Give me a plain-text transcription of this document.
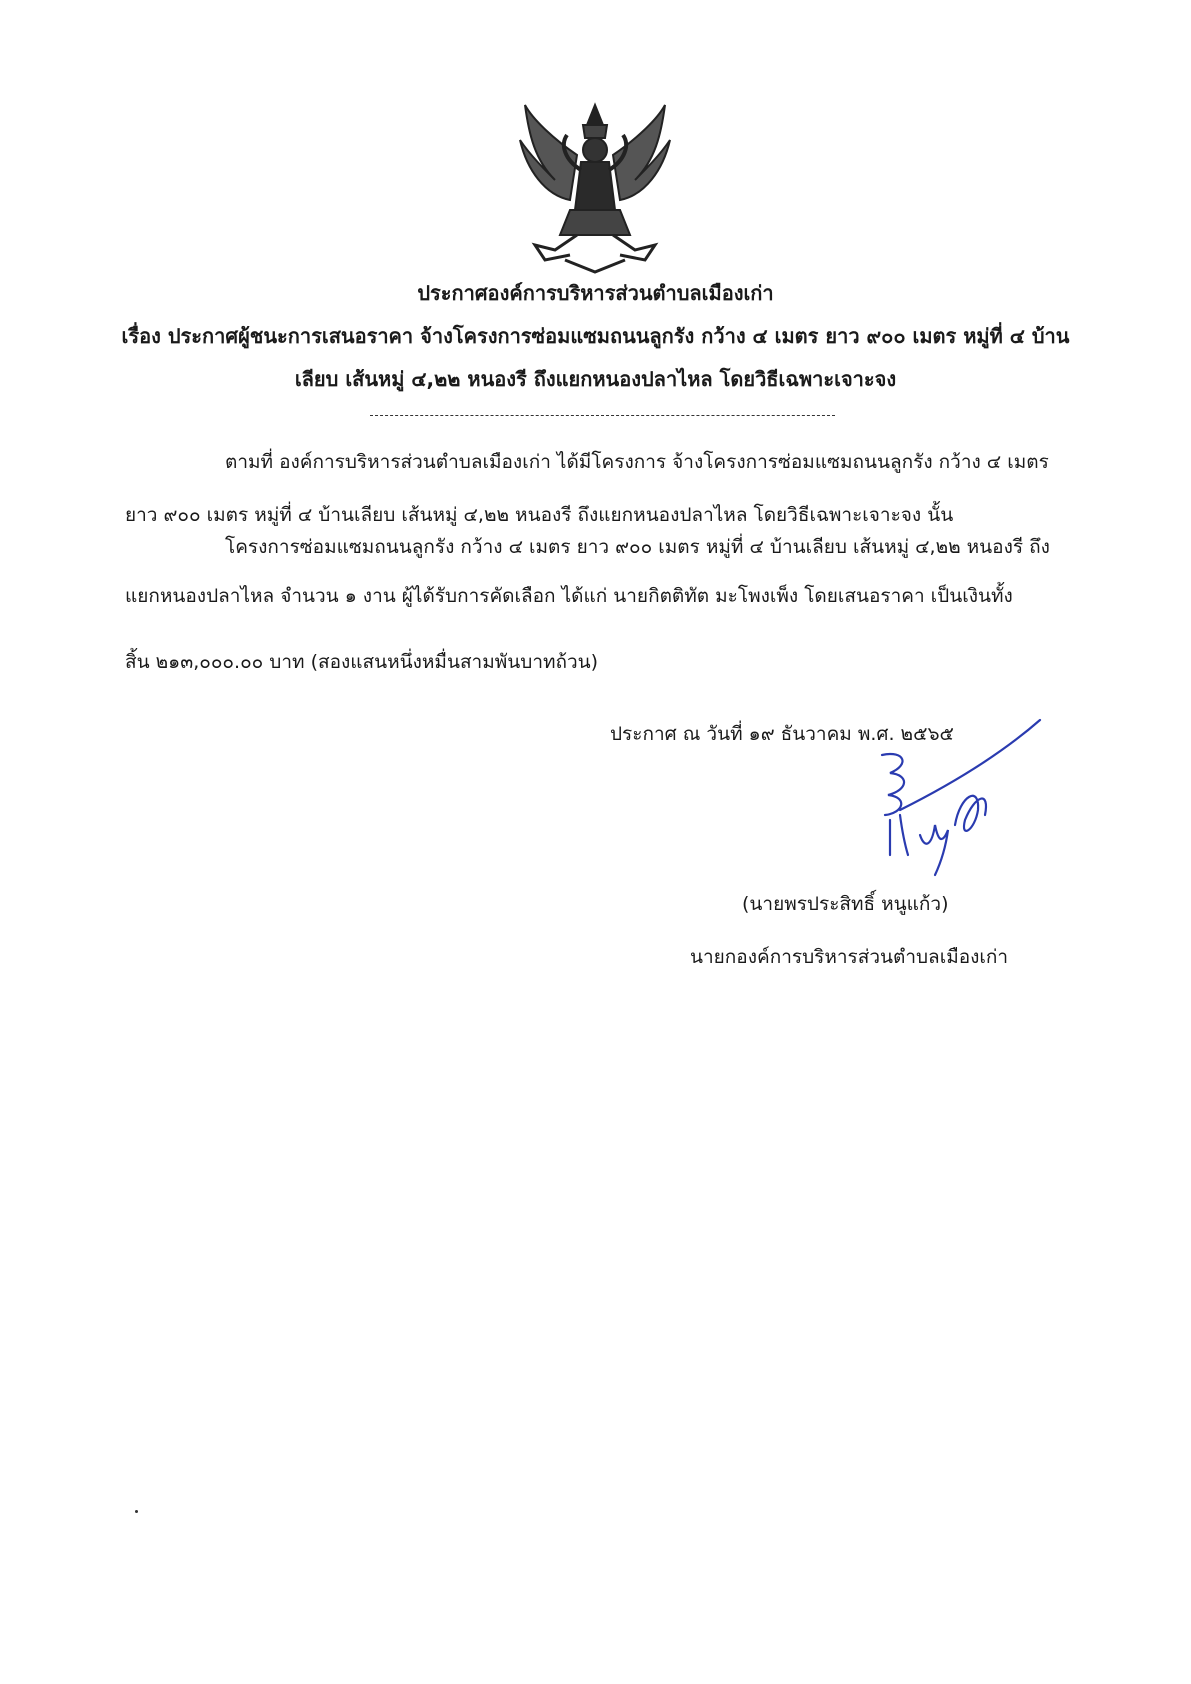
ประกาศองค์การบริหารส่วนตำบลเมืองเก่า
เรื่อง ประกาศผู้ชนะการเสนอราคา จ้างโครงการซ่อมแซมถนนลูกรัง กว้าง ๔ เมตร ยาว ๙๐๐ เมตร หมู่ที่ ๔ บ้าน
เลียบ เส้นหมู่ ๔,๒๒ หนองรี ถึงแยกหนองปลาไหล โดยวิธีเฉพาะเจาะจง
ตามที่ องค์การบริหารส่วนตำบลเมืองเก่า ได้มีโครงการ จ้างโครงการซ่อมแซมถนนลูกรัง กว้าง ๔ เมตร
ยาว ๙๐๐ เมตร หมู่ที่ ๔ บ้านเลียบ เส้นหมู่ ๔,๒๒ หนองรี ถึงแยกหนองปลาไหล โดยวิธีเฉพาะเจาะจง นั้น
โครงการซ่อมแซมถนนลูกรัง กว้าง ๔ เมตร ยาว ๙๐๐ เมตร หมู่ที่ ๔ บ้านเลียบ เส้นหมู่ ๔,๒๒ หนองรี ถึง
แยกหนองปลาไหล จำนวน ๑ งาน ผู้ได้รับการคัดเลือก ได้แก่ นายกิตติทัต มะโพงเพ็ง โดยเสนอราคา เป็นเงินทั้ง
สิ้น ๒๑๓,๐๐๐.๐๐ บาท (สองแสนหนึ่งหมื่นสามพันบาทถ้วน)
ประกาศ ณ วันที่ ๑๙ ธันวาคม พ.ศ. ๒๕๖๕
(นายพรประสิทธิ์ หนูแก้ว)
นายกองค์การบริหารส่วนตำบลเมืองเก่า
